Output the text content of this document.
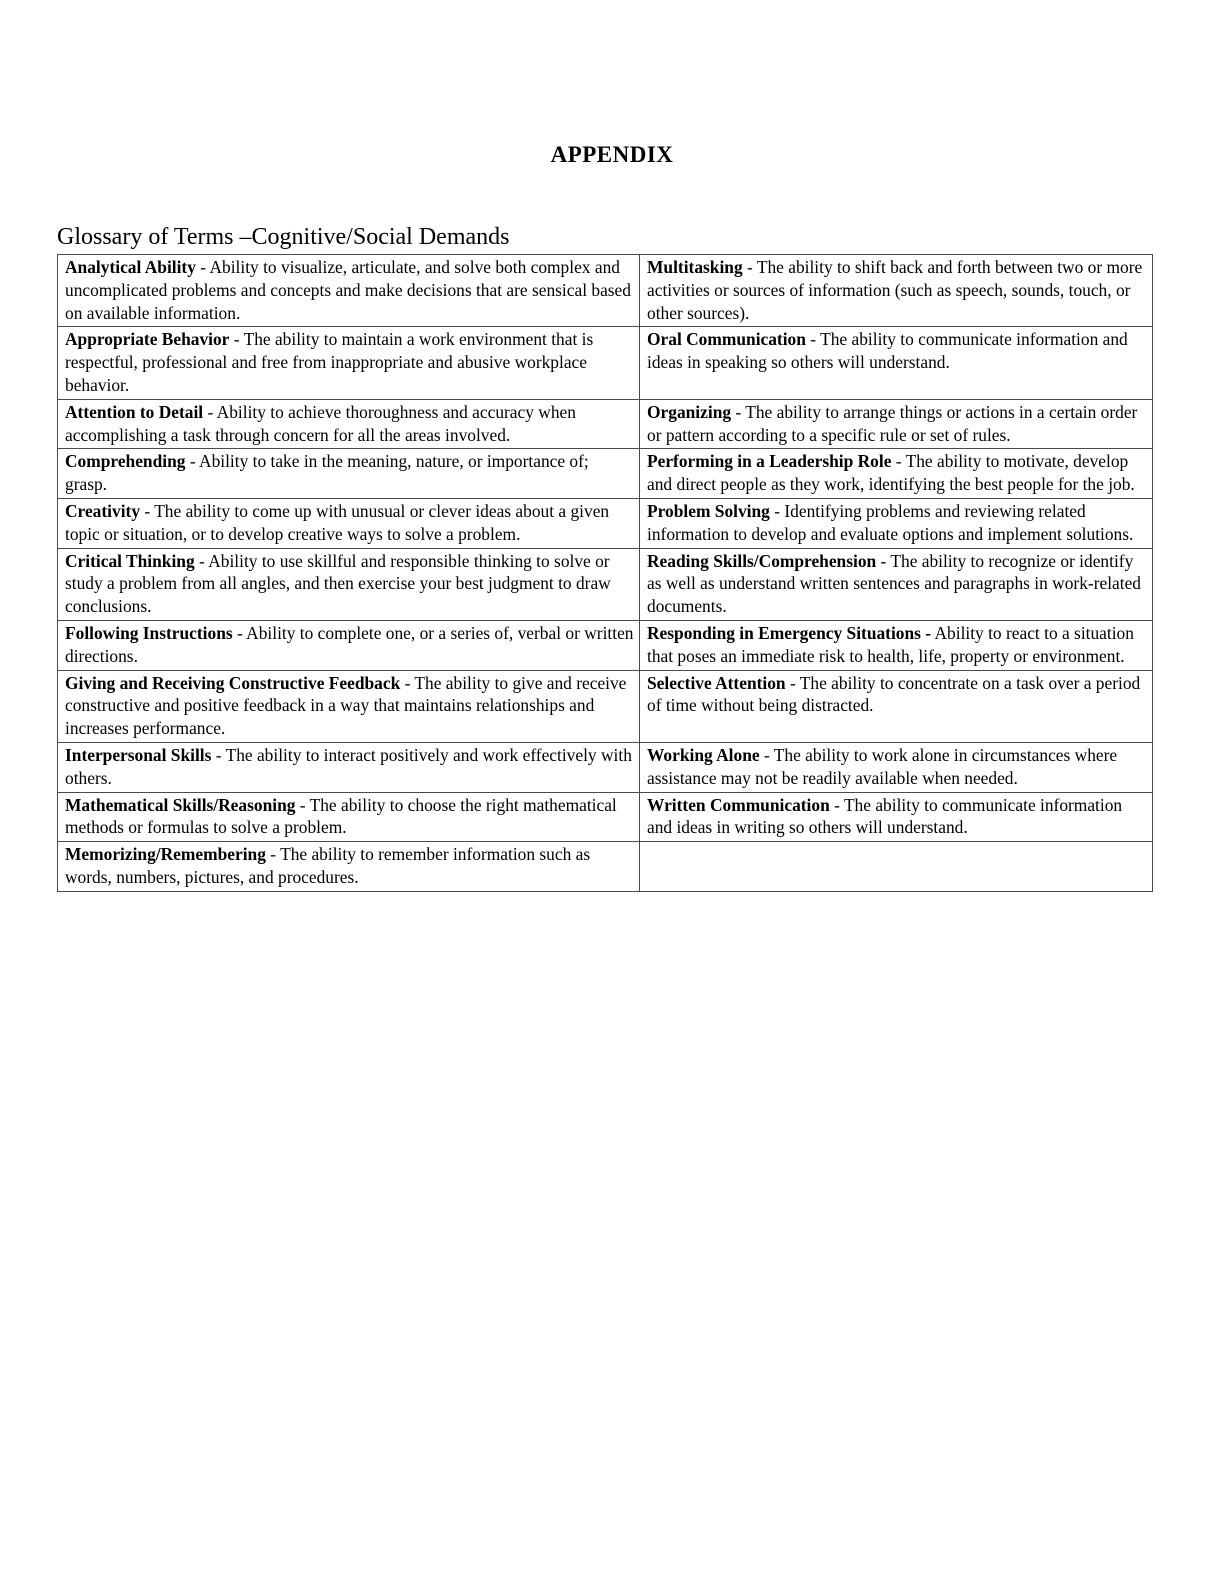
APPENDIX
Glossary of Terms –Cognitive/Social Demands
Analytical Ability - Ability to visualize, articulate, and solve both complex and uncomplicated problems and concepts and make decisions that are sensical based on available information.	Multitasking - The ability to shift back and forth between two or more activities or sources of information (such as speech, sounds, touch, or other sources).
Appropriate Behavior - The ability to maintain a work environment that is respectful, professional and free from inappropriate and abusive workplace behavior.	Oral Communication - The ability to communicate information and ideas in speaking so others will understand.
Attention to Detail - Ability to achieve thoroughness and accuracy when accomplishing a task through concern for all the areas involved.	Organizing - The ability to arrange things or actions in a certain order or pattern according to a specific rule or set of rules.
Comprehending - Ability to take in the meaning, nature, or importance of; grasp.	Performing in a Leadership Role - The ability to motivate, develop and direct people as they work, identifying the best people for the job.
Creativity - The ability to come up with unusual or clever ideas about a given topic or situation, or to develop creative ways to solve a problem.	Problem Solving - Identifying problems and reviewing related information to develop and evaluate options and implement solutions.
Critical Thinking - Ability to use skillful and responsible thinking to solve or study a problem from all angles, and then exercise your best judgment to draw conclusions.	Reading Skills/Comprehension - The ability to recognize or identify as well as understand written sentences and paragraphs in work-related documents.
Following Instructions - Ability to complete one, or a series of, verbal or written directions.	Responding in Emergency Situations - Ability to react to a situation that poses an immediate risk to health, life, property or environment.
Giving and Receiving Constructive Feedback - The ability to give and receive constructive and positive feedback in a way that maintains relationships and increases performance.	Selective Attention - The ability to concentrate on a task over a period of time without being distracted.
Interpersonal Skills - The ability to interact positively and work effectively with others.	Working Alone - The ability to work alone in circumstances where assistance may not be readily available when needed.
Mathematical Skills/Reasoning - The ability to choose the right mathematical methods or formulas to solve a problem.	Written Communication - The ability to communicate information and ideas in writing so others will understand.
Memorizing/Remembering - The ability to remember information such as words, numbers, pictures, and procedures.	
